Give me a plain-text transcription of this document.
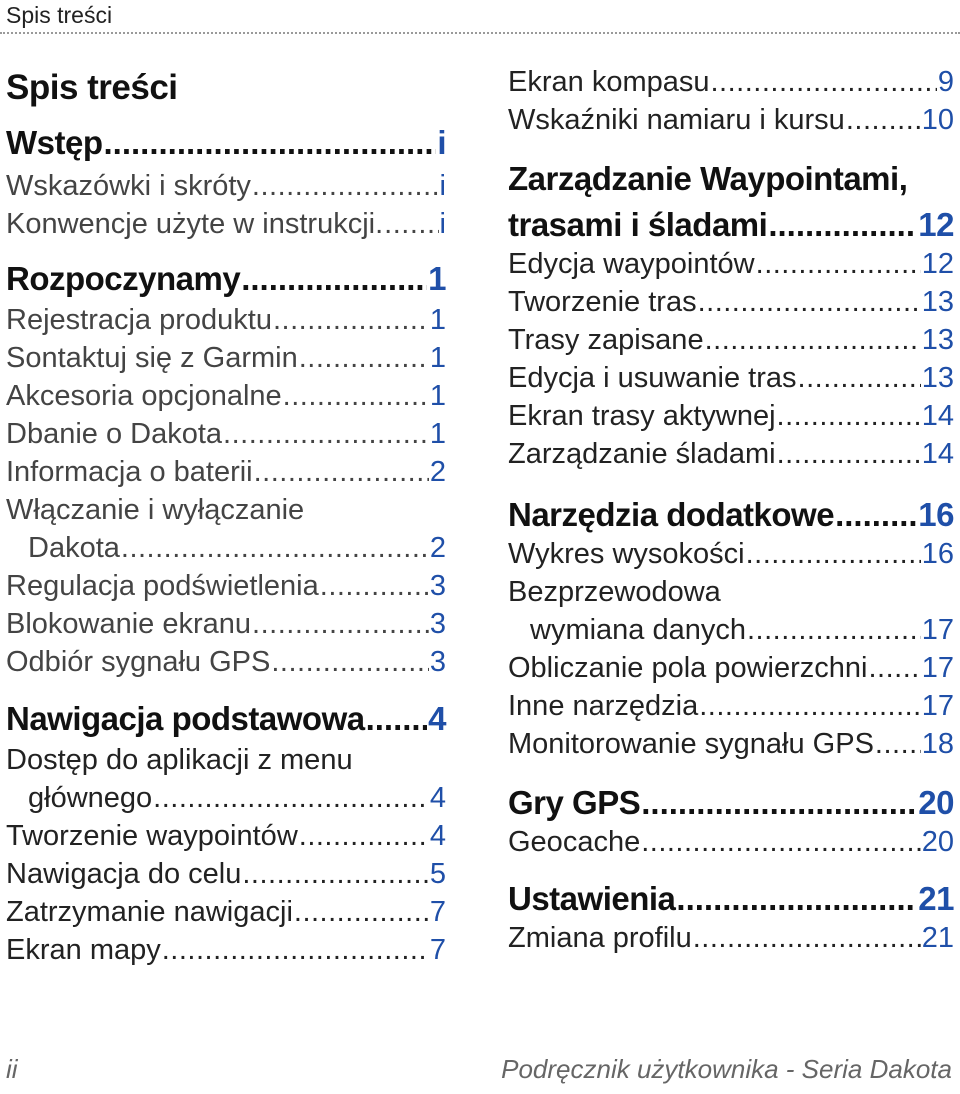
Spis treści
Spis treści
Wstęp .....	i
Wskazówki i skróty .....	i
Konwencje użyte w instrukcji. ..... i
Rozpoczynamy .....	1
Rejestracja produktu .....	1
Sontaktuj się z Garmin .....	1
Akcesoria opcjonalne .....	1
Dbanie o Dakota .....	1
Informacja o baterii .....	2
Włączanie i wyłączanie
Dakota .....	2
Regulacja podświetlenia .....	3
Blokowanie ekranu .....	3
Odbiór sygnału GPS .....	3
Nawigacja podstawowa ..... 4
Dostęp do aplikacji z menu
głównego .....	4
Tworzenie waypointów .....	4
Nawigacja do celu .....	5
Zatrzymanie nawigacji .....	7
Ekran mapy .....	7
Ekran kompasu .....	9
Wskaźniki namiaru i kursu .....	10
Zarządzanie Waypointami,
trasami i śladami .....	12
Edycja waypointów .....	12
Tworzenie tras .....	13
Trasy zapisane .....	13
Edycja i usuwanie tras .....	13
Ekran trasy aktywnej .....	14
Zarządzanie śladami .....	14
Narzędzia dodatkowe .....	16
Wykres wysokości .....	16
Bezprzewodowa
wymiana danych .....	17
Obliczanie pola powierzchni ..... 17
Inne narzędzia .....	17
Monitorowanie sygnału GPS ..... 18
Gry GPS .....	20
Geocache .....	20
Ustawienia .....	21
Zmiana profilu .....	21
ii	Podręcznik użytkownika - Seria Dakota
